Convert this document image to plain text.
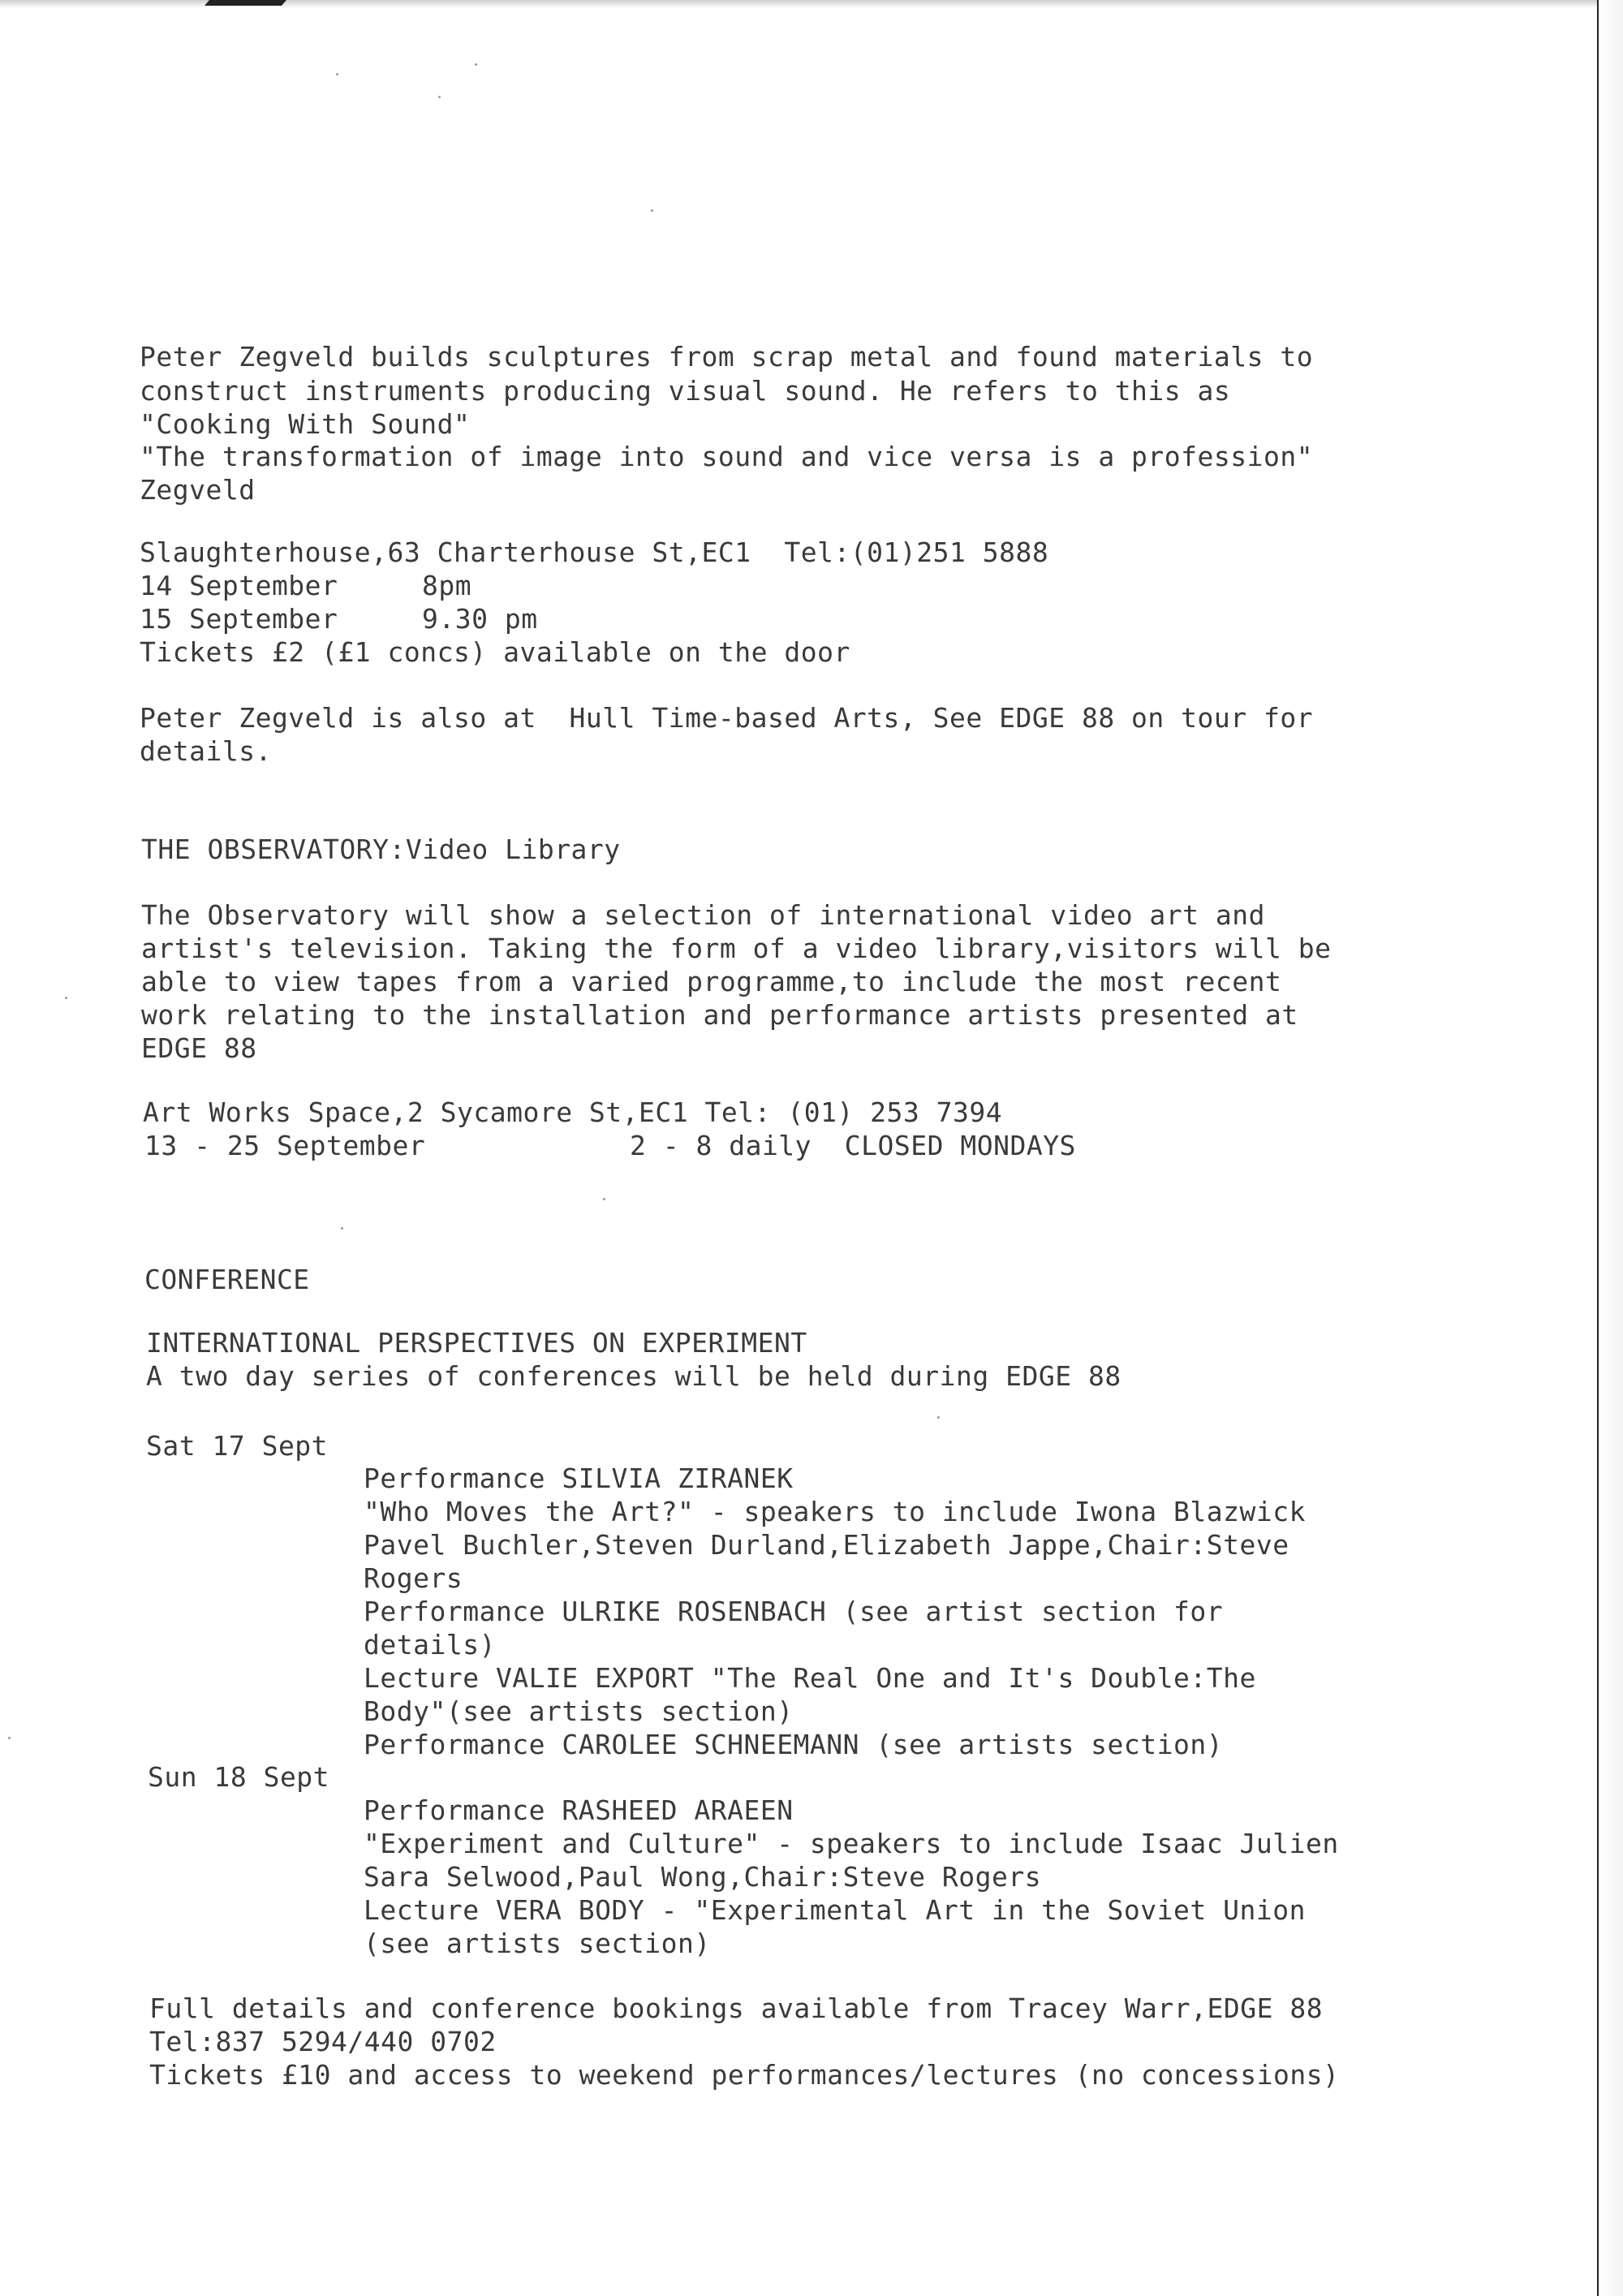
Peter Zegveld builds sculptures from scrap metal and found materials to
construct instruments producing visual sound. He refers to this as
"Cooking With Sound"
"The transformation of image into sound and vice versa is a profession"
Zegveld
Slaughterhouse,63 Charterhouse St,EC1  Tel:(01)251 5888
14 September	8pm
15 September	9.30 pm
Tickets £2 (£1 concs) available on the door
Peter Zegveld is also at  Hull Time-based Arts, See EDGE 88 on tour for
details.
THE OBSERVATORY:Video Library
The Observatory will show a selection of international video art and
artist's television. Taking the form of a video library,visitors will be
able to view tapes from a varied programme,to include the most recent
work relating to the installation and performance artists presented at
EDGE 88
Art Works Space,2 Sycamore St,EC1 Tel: (01) 253 7394
13 - 25 September	2 - 8 daily  CLOSED MONDAYS
CONFERENCE
INTERNATIONAL PERSPECTIVES ON EXPERIMENT
A two day series of conferences will be held during EDGE 88
Sat 17 Sept
Performance SILVIA ZIRANEK
"Who Moves the Art?" - speakers to include Iwona Blazwick
Pavel Buchler,Steven Durland,Elizabeth Jappe,Chair:Steve
Rogers
Performance ULRIKE ROSENBACH (see artist section for
details)
Lecture VALIE EXPORT "The Real One and It's Double:The
Body"(see artists section)
Performance CAROLEE SCHNEEMANN (see artists section)
Sun 18 Sept
Performance RASHEED ARAEEN
"Experiment and Culture" - speakers to include Isaac Julien
Sara Selwood,Paul Wong,Chair:Steve Rogers
Lecture VERA BODY - "Experimental Art in the Soviet Union
(see artists section)
Full details and conference bookings available from Tracey Warr,EDGE 88
Tel:837 5294/440 0702
Tickets £10 and access to weekend performances/lectures (no concessions)
